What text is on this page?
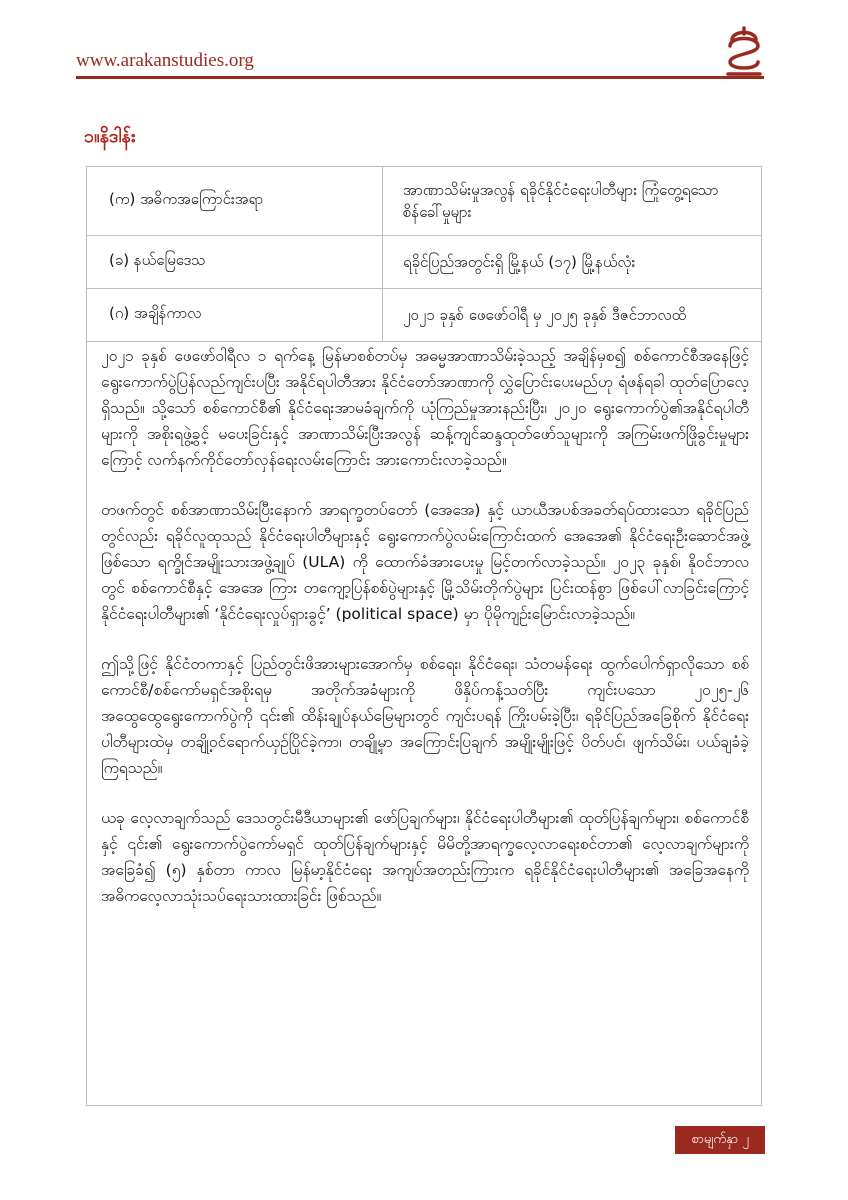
www.arakanstudies.org
၁။နိဒါန်း
(က) အဓိကအကြောင်းအရာ	အာဏာသိမ်းမှုအလွန် ရခိုင်နိုင်ငံရေးပါတီများ ကြုံတွေ့ရသော စိန်ခေါ်မှုများ
(ခ) နယ်မြေဒေသ	ရခိုင်ပြည်အတွင်းရှိ မြို့နယ် (၁၇) မြို့နယ်လုံး
(ဂ) အချိန်ကာလ	၂၀၂၁ ခုနှစ် ဖေဖော်ဝါရီ မှ ၂၀၂၅ ခုနှစ် ဒီဇင်ဘာလထိ

၂၀၂၁ ခုနှစ် ဖေဖော်ဝါရီလ ၁ ရက်နေ့ မြန်မာစစ်တပ်မှ အဓမ္မအာဏာသိမ်းခဲ့သည့် အချိန်မှစ၍ စစ်ကောင်စီအနေဖြင့် ရွေးကောက်ပွဲပြန်လည်ကျင်းပပြီး အနိုင်ရပါတီအား နိုင်ငံတော်အာဏာကို လွှဲပြောင်းပေးမည်ဟု ရံဖန်ရခါ ထုတ်ပြောလေ့ရှိသည်။ သို့သော် စစ်ကောင်စီ၏ နိုင်ငံရေးအာမခံချက်ကို ယုံကြည်မှုအားနည်းပြီး၊ ၂၀၂၀ ရွေးကောက်ပွဲ၏အနိုင်ရပါတီများကို အစိုးရဖွဲ့ခွင့် မပေးခြင်းနှင့် အာဏာသိမ်းပြီးအလွန် ဆန့်ကျင်ဆန္ဒထုတ်ဖော်သူများကို အကြမ်းဖက်ဖြိုခွင်းမှုများကြောင့် လက်နက်ကိုင်တော်လှန်ရေးလမ်းကြောင်း အားကောင်းလာခဲ့သည်။

တဖက်တွင် စစ်အာဏာသိမ်းပြီးနောက် အာရက္ခတပ်တော် (အေအေ) နှင့် ယာယီအပစ်အခတ်ရပ်ထားသော ရခိုင်ပြည်တွင်လည်း ရခိုင်လူထုသည် နိုင်ငံရေးပါတီများနှင့် ရွေးကောက်ပွဲလမ်းကြောင်းထက် အေအေ၏ နိုင်ငံရေးဦးဆောင်အဖွဲ့ဖြစ်သော ရက္ခိုင်အမျိုးသားအဖွဲ့ချုပ် (ULA) ကို ထောက်ခံအားပေးမှု မြင့်တက်လာခဲ့သည်။ ၂၀၂၃ ခုနှစ်၊ နိုဝင်ဘာလတွင် စစ်ကောင်စီနှင့် အေအေ ကြား တကျော့ပြန်စစ်ပွဲများနှင့် မြို့သိမ်းတိုက်ပွဲများ ပြင်းထန်စွာ ဖြစ်ပေါ်လာခြင်းကြောင့် နိုင်ငံရေးပါတီများ၏ ‘နိုင်ငံရေးလှုပ်ရှားခွင့်’ (political space) မှာ ပိုမိုကျဉ်းမြောင်းလာခဲ့သည်။

ဤသို့ဖြင့် နိုင်ငံတကာနှင့် ပြည်တွင်းဖိအားများအောက်မှ စစ်ရေး၊ နိုင်ငံရေး၊ သံတမန်ရေး ထွက်ပေါက်ရှာလိုသော စစ်ကောင်စီ/စစ်ကော်မရှင်အစိုးရမှ အတိုက်အခံများကို ဖိနှိပ်ကန့်သတ်ပြီး ကျင်းပသော ၂၀၂၅-၂၆ အထွေထွေရွေးကောက်ပွဲကို ၎င်း၏ ထိန်းချုပ်နယ်မြေများတွင် ကျင်းပရန် ကြိုးပမ်းခဲ့ပြီး၊ ရခိုင်ပြည်အခြေစိုက် နိုင်ငံရေးပါတီများထဲမှ တချို့ဝင်ရောက်ယှဉ်ပြိုင်ခဲ့ကာ၊ တချို့မှာ အကြောင်းပြချက် အမျိုးမျိုးဖြင့် ပိတ်ပင်၊ ဖျက်သိမ်း၊ ပယ်ချခံခဲ့ကြရသည်။

ယခု လေ့လာချက်သည် ဒေသတွင်းမီဒီယာများ၏ ဖော်ပြချက်များ၊ နိုင်ငံရေးပါတီများ၏ ထုတ်ပြန်ချက်များ၊ စစ်ကောင်စီနှင့် ၎င်း၏ ရွေးကောက်ပွဲကော်မရှင် ထုတ်ပြန်ချက်များနှင့် မိမိတို့အာရက္ခလေ့လာရေးစင်တာ၏ လေ့လာချက်များကို အခြေခံ၍ (၅) နှစ်တာ ကာလ မြန်မာ့နိုင်ငံရေး အကျပ်အတည်းကြားက ရခိုင်နိုင်ငံရေးပါတီများ၏ အခြေအနေကို အဓိကလေ့လာသုံးသပ်ရေးသားထားခြင်း ဖြစ်သည်။

စာမျက်နှာ ၂
